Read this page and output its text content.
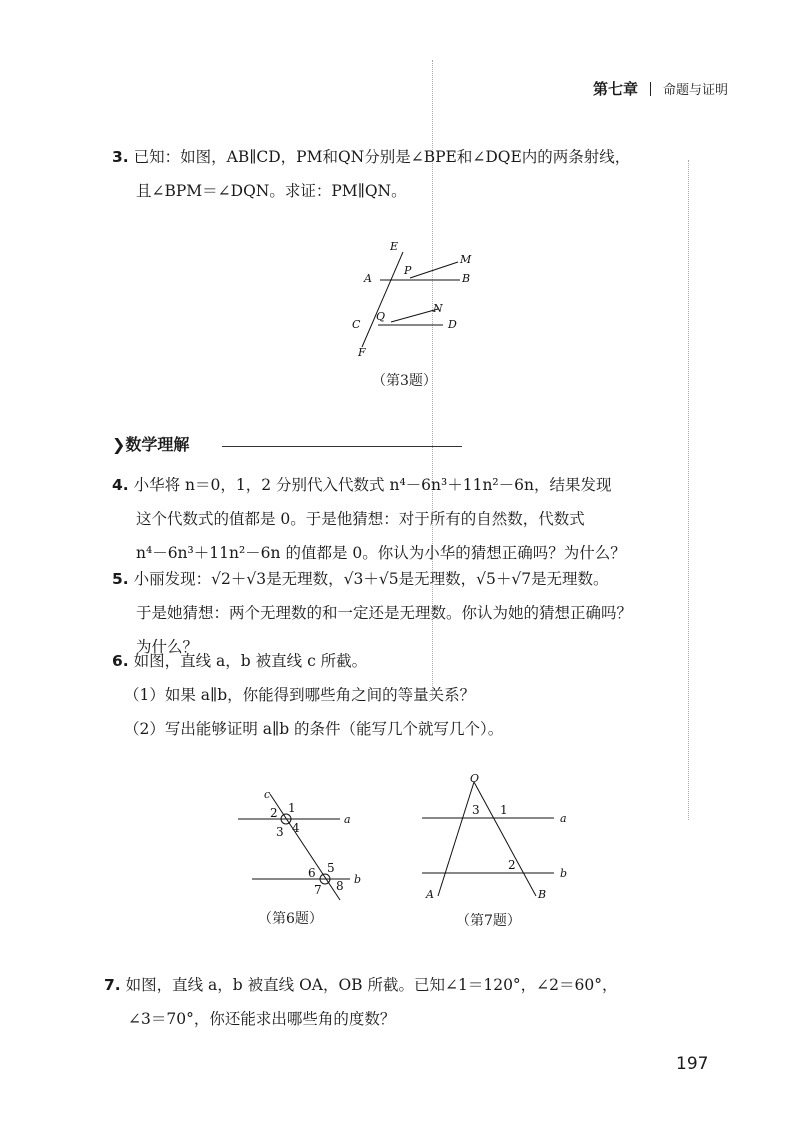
第七章 命题与证明
3. 已知：如图，AB∥CD，PM和QN分别是∠BPE和∠DQE内的两条射线，
且∠BPM＝∠DQN。求证：PM∥QN。
E
M
A
P
B
N
C
Q
D
F
（第3题）
❯数学理解
4. 小华将 n＝0，1，2 分别代入代数式 n⁴－6n³＋11n²－6n，结果发现
这个代数式的值都是 0。于是他猜想：对于所有的自然数，代数式
n⁴－6n³＋11n²－6n 的值都是 0。你认为小华的猜想正确吗？为什么？
5. 小丽发现：√2＋√3是无理数，√3＋√5是无理数，√5＋√7是无理数。
于是她猜想：两个无理数的和一定还是无理数。你认为她的猜想正确吗？
为什么？
6. 如图，直线 a，b 被直线 c 所截。
（1）如果 a∥b，你能得到哪些角之间的等量关系？
（2）写出能够证明 a∥b 的条件（能写几个就写几个）。
c
a
b
1
2
3 4
5
6
7 8
（第6题）
O
a
b
A	B
1
2
3
（第7题）
7. 如图，直线 a，b 被直线 OA，OB 所截。已知∠1＝120°，∠2＝60°，
∠3＝70°，你还能求出哪些角的度数？
197
